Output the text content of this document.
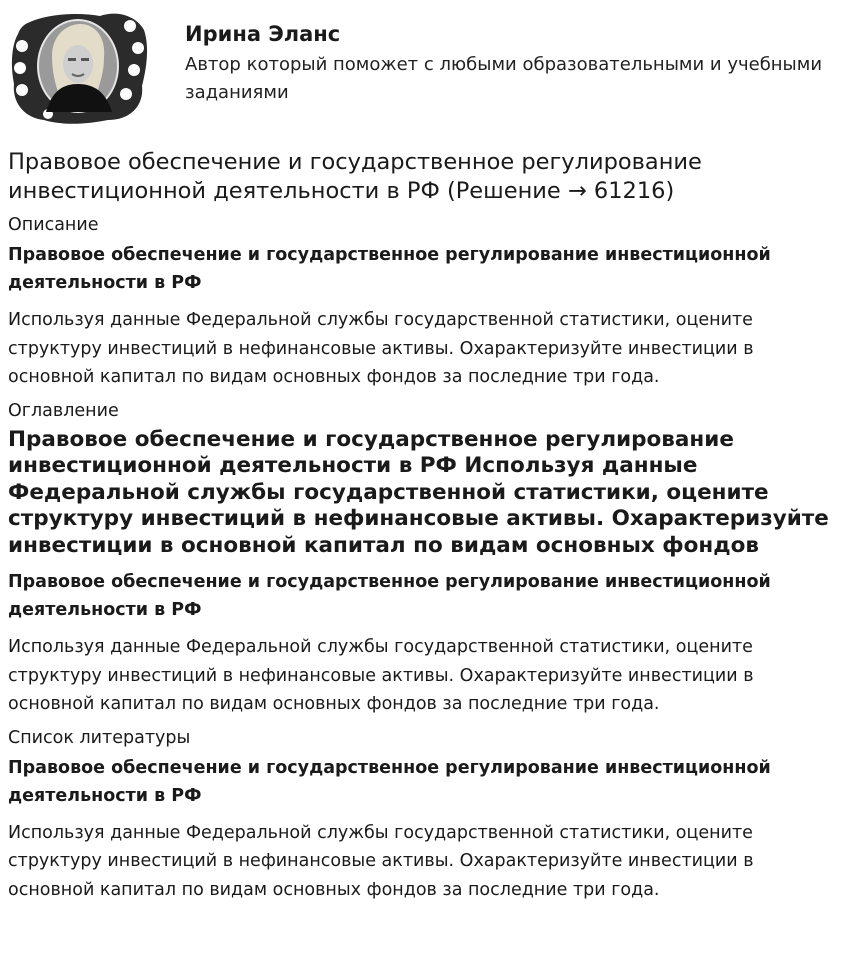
Ирина Эланс
Автор который поможет с любыми образовательными и учебными заданиями
Правовое обеспечение и государственное регулирование инвестиционной деятельности в РФ (Решение → 61216)
Описание
Правовое обеспечение и государственное регулирование инвестиционной деятельности в РФ
Используя данные Федеральной службы государственной статистики, оцените структуру инвестиций в нефинансовые активы. Охарактеризуйте инвестиции в основной капитал по видам основных фондов за последние три года.
Оглавление
Правовое обеспечение и государственное регулирование инвестиционной деятельности в РФ Используя данные Федеральной службы государственной статистики, оцените структуру инвестиций в нефинансовые активы. Охарактеризуйте инвестиции в основной капитал по видам основных фондов
Правовое обеспечение и государственное регулирование инвестиционной деятельности в РФ
Используя данные Федеральной службы государственной статистики, оцените структуру инвестиций в нефинансовые активы. Охарактеризуйте инвестиции в основной капитал по видам основных фондов за последние три года.
Список литературы
Правовое обеспечение и государственное регулирование инвестиционной деятельности в РФ
Используя данные Федеральной службы государственной статистики, оцените структуру инвестиций в нефинансовые активы. Охарактеризуйте инвестиции в основной капитал по видам основных фондов за последние три года.
